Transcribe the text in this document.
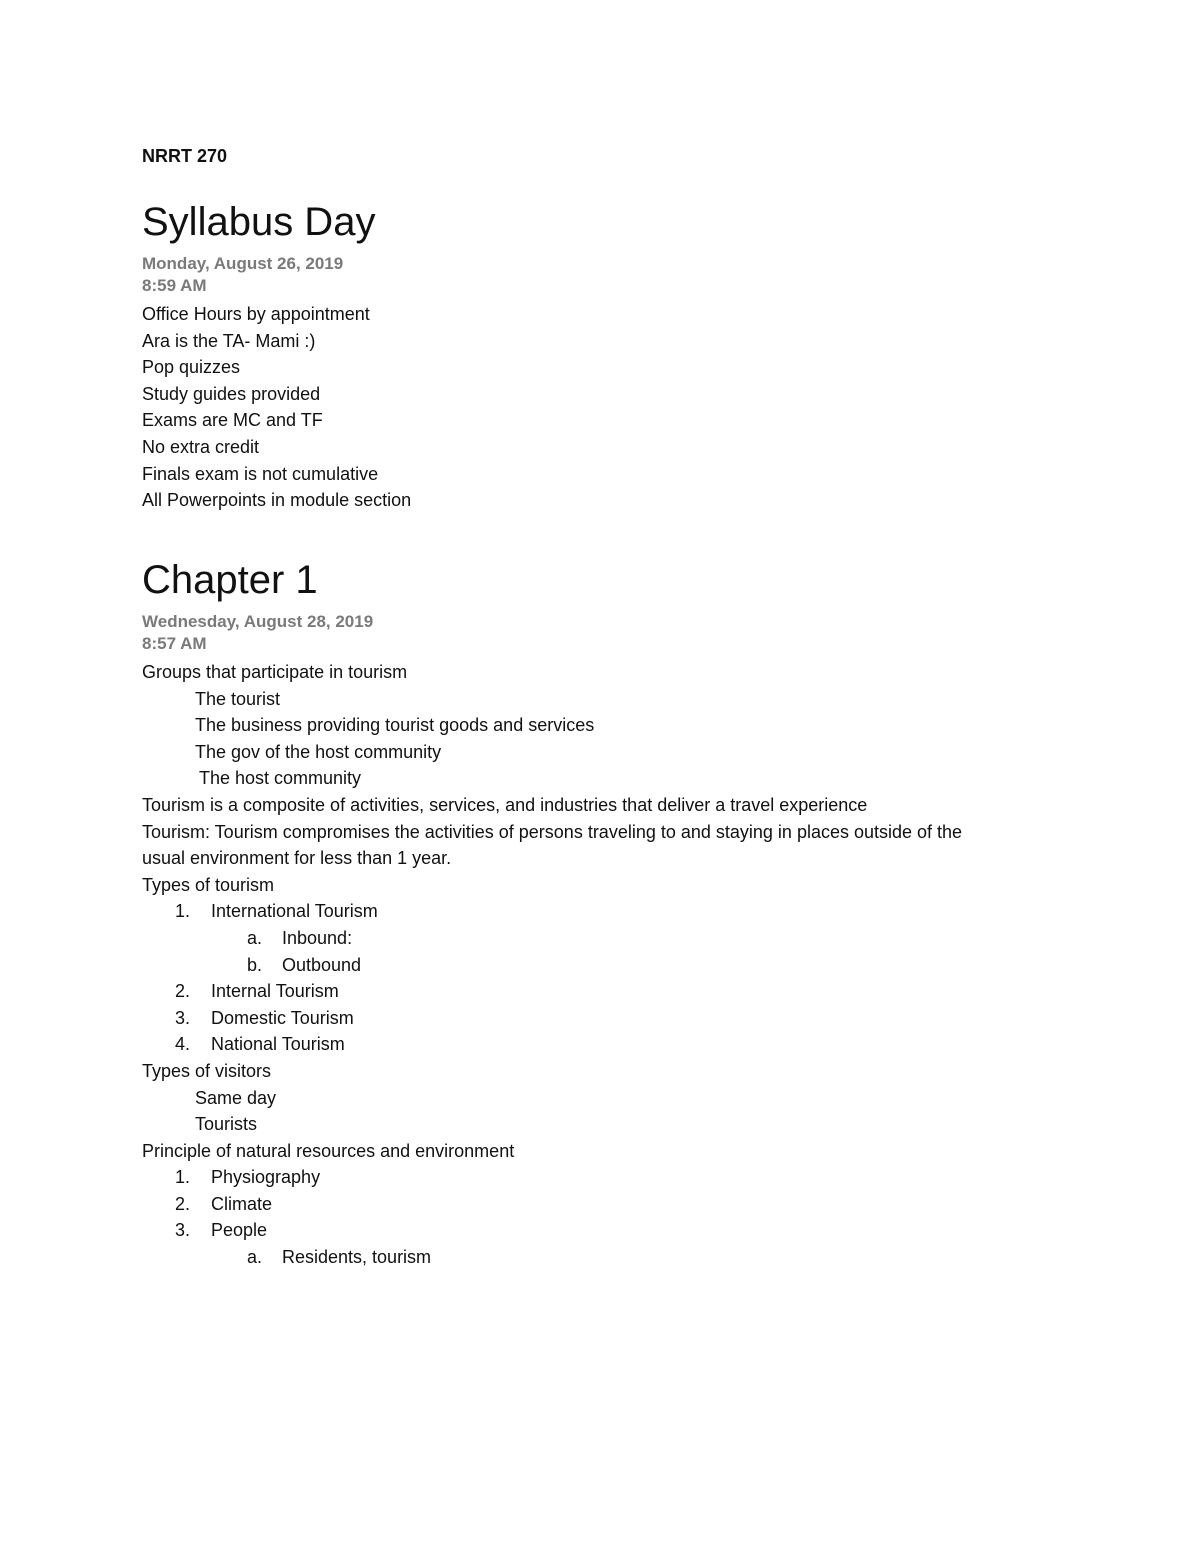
NRRT 270
Syllabus Day
Monday, August 26, 2019
8:59 AM
Office Hours by appointment
Ara is the TA- Mami :)
Pop quizzes
Study guides provided
Exams are MC and TF
No extra credit
Finals exam is not cumulative
All Powerpoints in module section
Chapter 1
Wednesday, August 28, 2019
8:57 AM
Groups that participate in tourism
The tourist
The business providing tourist goods and services
The gov of the host community
The host community
Tourism is a composite of activities, services, and industries that deliver a travel experience
Tourism: Tourism compromises the activities of persons traveling to and staying in places outside of the
usual environment for less than 1 year.
Types of tourism
1.	International Tourism
a.	Inbound:
b.	Outbound
2.	Internal Tourism
3.	Domestic Tourism
4.	National Tourism
Types of visitors
Same day
Tourists
Principle of natural resources and environment
1.	Physiography
2.	Climate
3.	People
a.	Residents, tourism
